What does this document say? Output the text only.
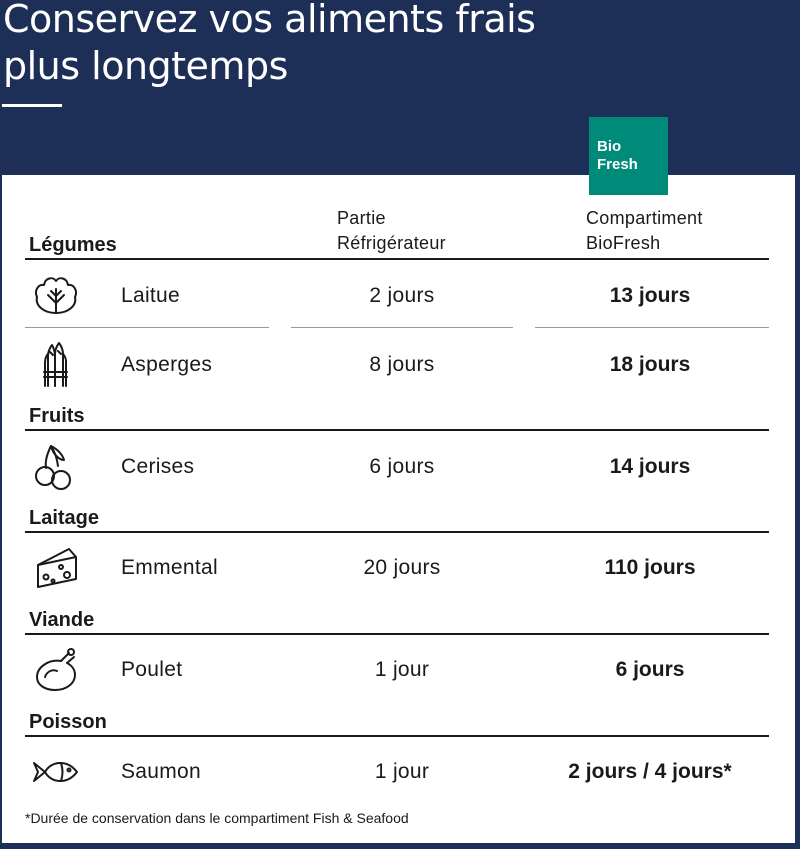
Conservez vos aliments frais
plus longtemps
Bio
Fresh
Partie
Réfrigérateur
Compartiment
BioFresh
Légumes
Laitue	2 jours	13 jours
Asperges	8 jours	18 jours
Fruits
Cerises	6 jours	14 jours
Laitage
Emmental	20 jours	110 jours
Viande
Poulet	1 jour	6 jours
Poisson
Saumon	1 jour	2 jours / 4 jours*
*Durée de conservation dans le compartiment Fish & Seafood
